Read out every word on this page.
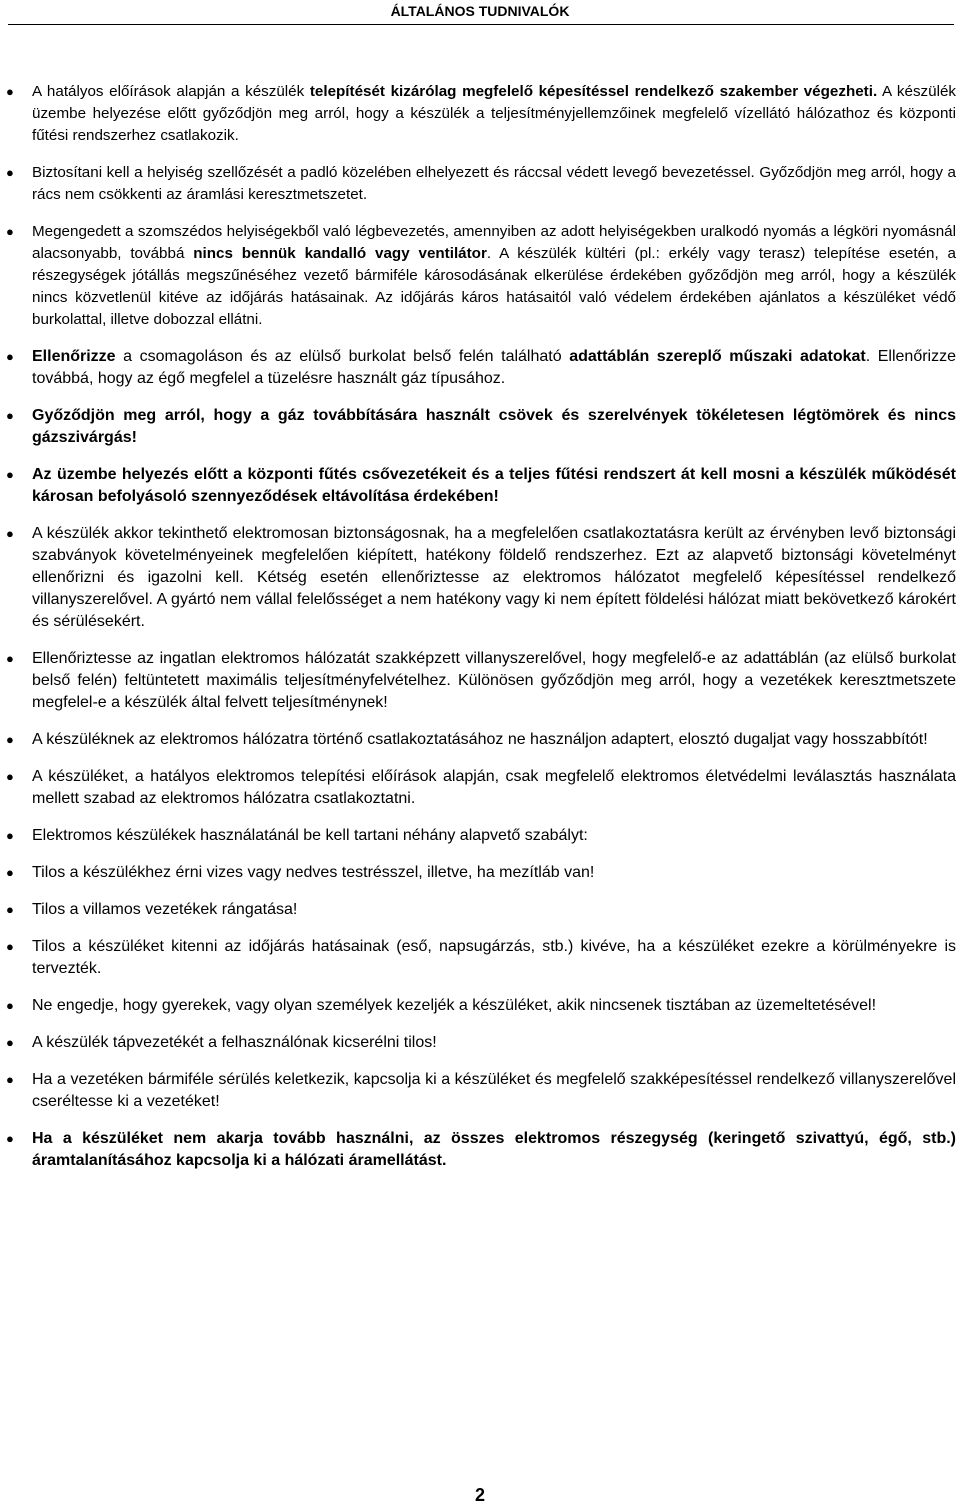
ÁLTALÁNOS TUDNIVALÓK

● A hatályos előírások alapján a készülék telepítését kizárólag megfelelő képesítéssel rendelkező szakember végezheti. A készülék üzembe helyezése előtt győződjön meg arról, hogy a készülék a teljesítményjellemzőinek megfelelő vízellátó hálózathoz és központi fűtési rendszerhez csatlakozik.

● Biztosítani kell a helyiség szellőzését a padló közelében elhelyezett és ráccsal védett levegő bevezetéssel. Győződjön meg arról, hogy a rács nem csökkenti az áramlási keresztmetszetet.

● Megengedett a szomszédos helyiségekből való légbevezetés, amennyiben az adott helyiségekben uralkodó nyomás a légköri nyomásnál alacsonyabb, továbbá nincs bennük kandalló vagy ventilátor. A készülék kültéri (pl.: erkély vagy terasz) telepítése esetén, a részegységek jótállás megszűnéséhez vezető bármiféle károsodásának elkerülése érdekében győződjön meg arról, hogy a készülék nincs közvetlenül kitéve az időjárás hatásainak. Az időjárás káros hatásaitól való védelem érdekében ajánlatos a készüléket védő burkolattal, illetve dobozzal ellátni.

● Ellenőrizze a csomagoláson és az elülső burkolat belső felén található adattáblán szereplő műszaki adatokat. Ellenőrizze továbbá, hogy az égő megfelel a tüzelésre használt gáz típusához.

● Győződjön meg arról, hogy a gáz továbbítására használt csövek és szerelvények tökéletesen légtömörek és nincs gázszivárgás!

● Az üzembe helyezés előtt a központi fűtés csővezetékeit és a teljes fűtési rendszert át kell mosni a készülék működését károsan befolyásoló szennyeződések eltávolítása érdekében!

● A készülék akkor tekinthető elektromosan biztonságosnak, ha a megfelelően csatlakoztatásra került az érvényben levő biztonsági szabványok követelményeinek megfelelően kiépített, hatékony földelő rendszerhez. Ezt az alapvető biztonsági követelményt ellenőrizni és igazolni kell. Kétség esetén ellenőriztesse az elektromos hálózatot megfelelő képesítéssel rendelkező villanyszerelővel. A gyártó nem vállal felelősséget a nem hatékony vagy ki nem épített földelési hálózat miatt bekövetkező károkért és sérülésekért.

● Ellenőriztesse az ingatlan elektromos hálózatát szakképzett villanyszerelővel, hogy megfelelő-e az adattáblán (az elülső burkolat belső felén) feltüntetett maximális teljesítményfelvételhez. Különösen győződjön meg arról, hogy a vezetékek keresztmetszete megfelel-e a készülék által felvett teljesítménynek!

● A készüléknek az elektromos hálózatra történő csatlakoztatásához ne használjon adaptert, elosztó dugaljat vagy hosszabbítót!

● A készüléket, a hatályos elektromos telepítési előírások alapján, csak megfelelő elektromos életvédelmi leválasztás használata mellett szabad az elektromos hálózatra csatlakoztatni.

● Elektromos készülékek használatánál be kell tartani néhány alapvető szabályt:

● Tilos a készülékhez érni vizes vagy nedves testrésszel, illetve, ha mezítláb van!

● Tilos a villamos vezetékek rángatása!

● Tilos a készüléket kitenni az időjárás hatásainak (eső, napsugárzás, stb.) kivéve, ha a készüléket ezekre a körülményekre is tervezték.

● Ne engedje, hogy gyerekek, vagy olyan személyek kezeljék a készüléket, akik nincsenek tisztában az üzemeltetésével!

● A készülék tápvezetékét a felhasználónak kicserélni tilos!

● Ha a vezetéken bármiféle sérülés keletkezik, kapcsolja ki a készüléket és megfelelő szakképesítéssel rendelkező villanyszerelővel cseréltesse ki a vezetéket!

● Ha a készüléket nem akarja tovább használni, az összes elektromos részegység (keringető szivattyú, égő, stb.) áramtalanításához kapcsolja ki a hálózati áramellátást.

2
